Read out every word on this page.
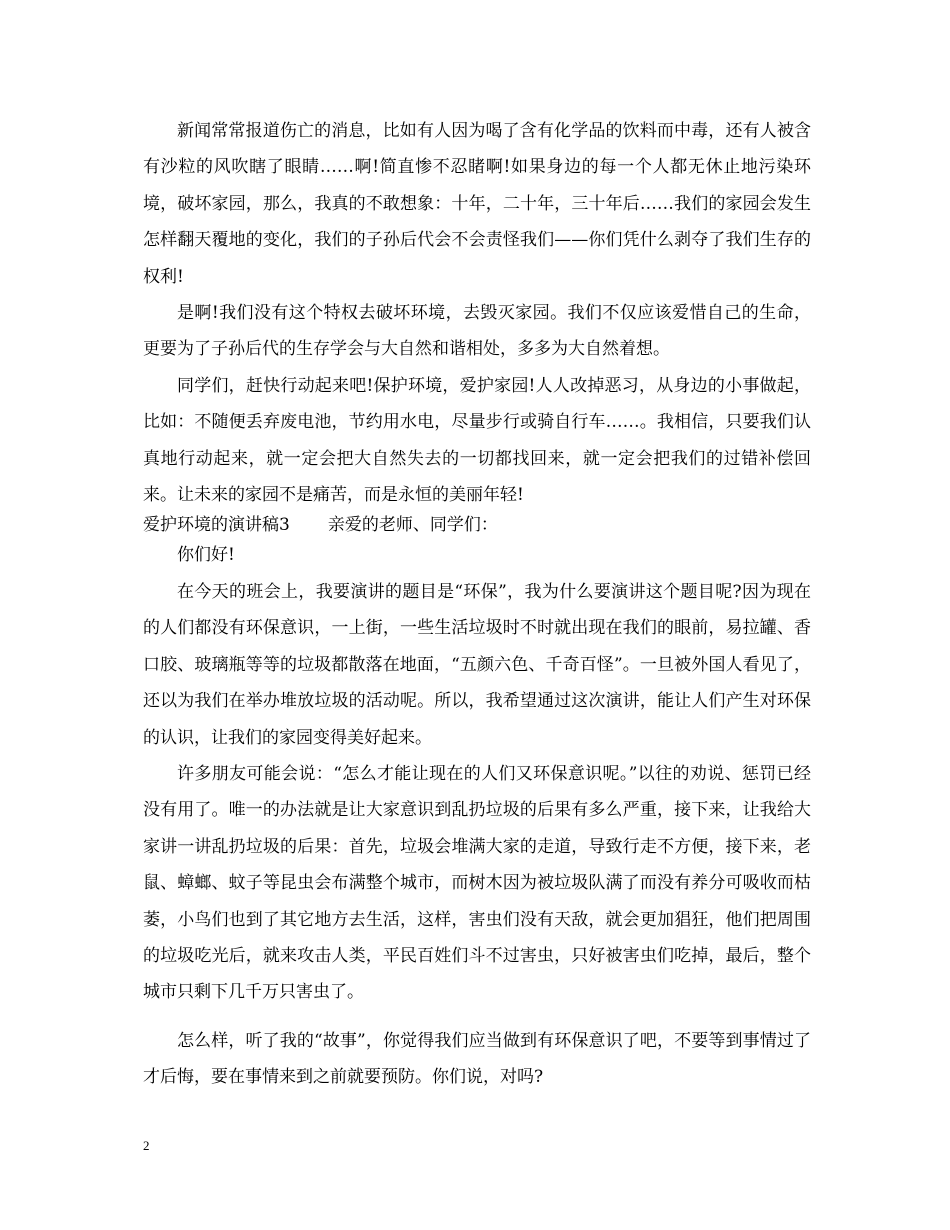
新闻常常报道伤亡的消息，比如有人因为喝了含有化学品的饮料而中毒，还有人被含有沙粒的风吹瞎了眼睛……啊!简直惨不忍睹啊!如果身边的每一个人都无休止地污染环境，破坏家园，那么，我真的不敢想象：十年，二十年，三十年后……我们的家园会发生怎样翻天覆地的变化，我们的子孙后代会不会责怪我们——你们凭什么剥夺了我们生存的权利!

是啊!我们没有这个特权去破坏环境，去毁灭家园。我们不仅应该爱惜自己的生命，更要为了子孙后代的生存学会与大自然和谐相处，多多为大自然着想。

同学们，赶快行动起来吧!保护环境，爱护家园!人人改掉恶习，从身边的小事做起，比如：不随便丢弃废电池，节约用水电，尽量步行或骑自行车……。我相信，只要我们认真地行动起来，就一定会把大自然失去的一切都找回来，就一定会把我们的过错补偿回来。让未来的家园不是痛苦，而是永恒的美丽年轻!

爱护环境的演讲稿3 亲爱的老师、同学们：

你们好!

在今天的班会上，我要演讲的题目是“环保”，我为什么要演讲这个题目呢?因为现在的人们都没有环保意识，一上街，一些生活垃圾时不时就出现在我们的眼前，易拉罐、香口胶、玻璃瓶等等的垃圾都散落在地面，“五颜六色、千奇百怪”。一旦被外国人看见了，还以为我们在举办堆放垃圾的活动呢。所以，我希望通过这次演讲，能让人们产生对环保的认识，让我们的家园变得美好起来。

许多朋友可能会说：“怎么才能让现在的人们又环保意识呢。”以往的劝说、惩罚已经没有用了。唯一的办法就是让大家意识到乱扔垃圾的后果有多么严重，接下来，让我给大家讲一讲乱扔垃圾的后果：首先，垃圾会堆满大家的走道，导致行走不方便，接下来，老鼠、蟑螂、蚊子等昆虫会布满整个城市，而树木因为被垃圾队满了而没有养分可吸收而枯萎，小鸟们也到了其它地方去生活，这样，害虫们没有天敌，就会更加猖狂，他们把周围的垃圾吃光后，就来攻击人类，平民百姓们斗不过害虫，只好被害虫们吃掉，最后，整个城市只剩下几千万只害虫了。

怎么样，听了我的“故事”，你觉得我们应当做到有环保意识了吧，不要等到事情过了才后悔，要在事情来到之前就要预防。你们说，对吗?

2
